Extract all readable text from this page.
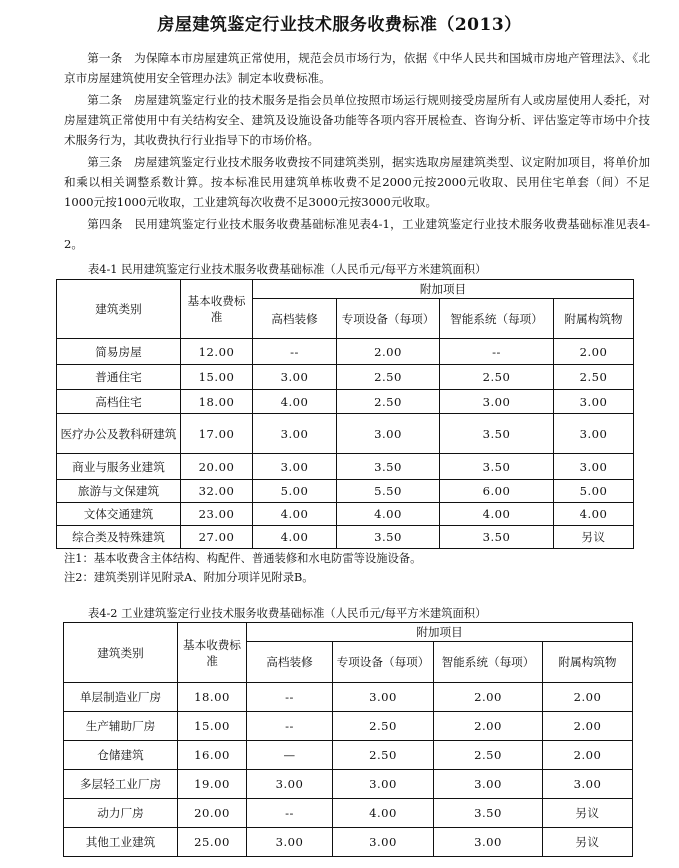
房屋建筑鉴定行业技术服务收费标准（2013）

第一条　为保障本市房屋建筑正常使用，规范会员市场行为，依据《中华人民共和国城市房地产管理法》、《北京市房屋建筑使用安全管理办法》制定本收费标准。

第二条　房屋建筑鉴定行业的技术服务是指会员单位按照市场运行规则接受房屋所有人或房屋使用人委托，对房屋建筑正常使用中有关结构安全、建筑及设施设备功能等各项内容开展检查、咨询分析、评估鉴定等市场中介技术服务行为，其收费执行行业指导下的市场价格。

第三条　房屋建筑鉴定行业技术服务收费按不同建筑类别，据实选取房屋建筑类型、议定附加项目，将单价加和乘以相关调整系数计算。按本标准民用建筑单栋收费不足2000元按2000元收取、民用住宅单套（间）不足1000元按1000元收取，工业建筑每次收费不足3000元按3000元收取。

第四条　民用建筑鉴定行业技术服务收费基础标准见表4-1，工业建筑鉴定行业技术服务收费基础标准见表4-2。

表4-1 民用建筑鉴定行业技术服务收费基础标准（人民币元/每平方米建筑面积）
建筑类别	基本收费标准	附加项目			
		高档装修	专项设备（每项）	智能系统（每项）	附属构筑物
简易房屋	12.00	--	2.00	--	2.00
普通住宅	15.00	3.00	2.50	2.50	2.50
高档住宅	18.00	4.00	2.50	3.00	3.00
医疗办公及教科研建筑	17.00	3.00	3.00	3.50	3.00
商业与服务业建筑	20.00	3.00	3.50	3.50	3.00
旅游与文保建筑	32.00	5.00	5.50	6.00	5.00
文体交通建筑	23.00	4.00	4.00	4.00	4.00
综合类及特殊建筑	27.00	4.00	3.50	3.50	另议
注1：基本收费含主体结构、构配件、普通装修和水电防雷等设施设备。
注2：建筑类别详见附录A、附加分项详见附录B。
表4-2 工业建筑鉴定行业技术服务收费基础标准（人民币元/每平方米建筑面积）
建筑类别	基本收费标准	附加项目			
		高档装修	专项设备（每项）	智能系统（每项）	附属构筑物
单层制造业厂房	18.00	--	3.00	2.00	2.00
生产辅助厂房	15.00	--	2.50	2.00	2.00
仓储建筑	16.00	—	2.50	2.50	2.00
多层轻工业厂房	19.00	3.00	3.00	3.00	3.00
动力厂房	20.00	--	4.00	3.50	另议
其他工业建筑	25.00	3.00	3.00	3.00	另议
